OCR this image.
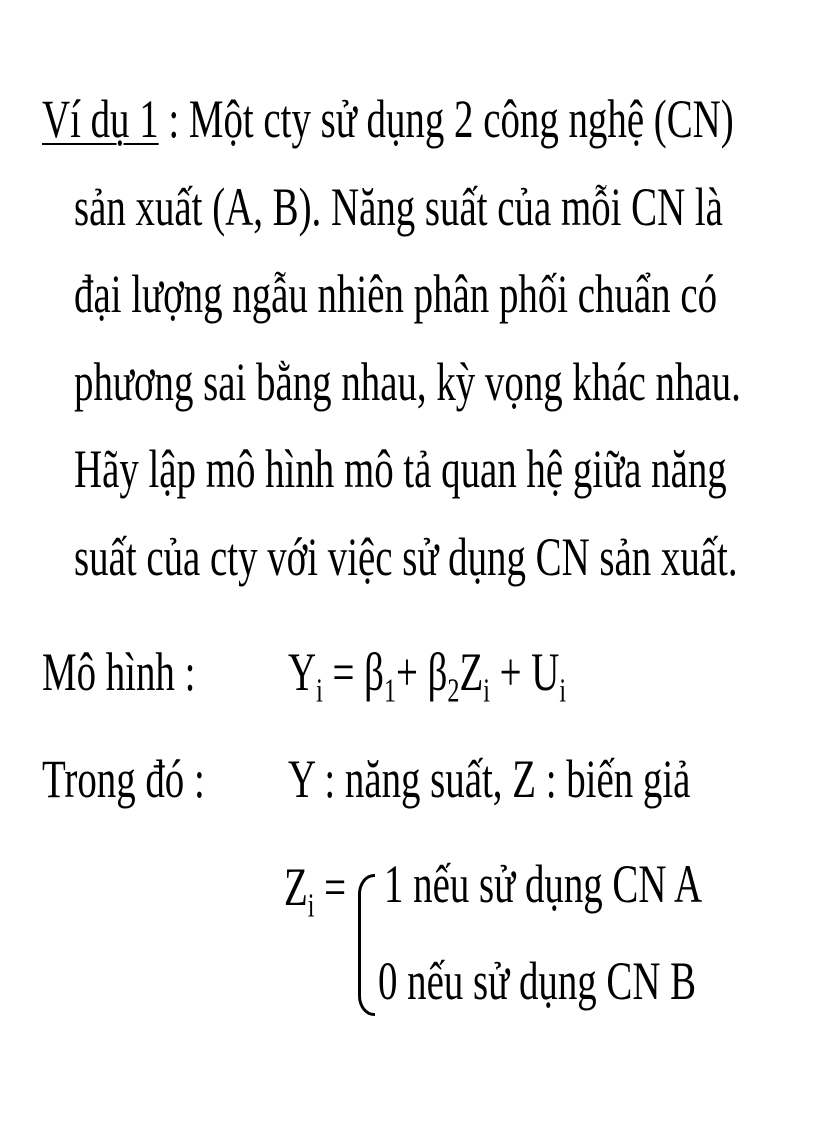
Ví dụ 1 : Một cty sử dụng 2 công nghệ (CN)
sản xuất (A, B). Năng suất của mỗi CN là
đại lượng ngẫu nhiên phân phối chuẩn có
phương sai bằng nhau, kỳ vọng khác nhau.
Hãy lập mô hình mô tả quan hệ giữa năng
suất của cty với việc sử dụng CN sản xuất.
Mô hình : $Y_i = \beta_1+ \beta_2Z_i + U_i$
Trong đó : Y : năng suất, Z : biến giả
$Z_i = 1$ nếu sử dụng CN A
0 nếu sử dụng CN B
